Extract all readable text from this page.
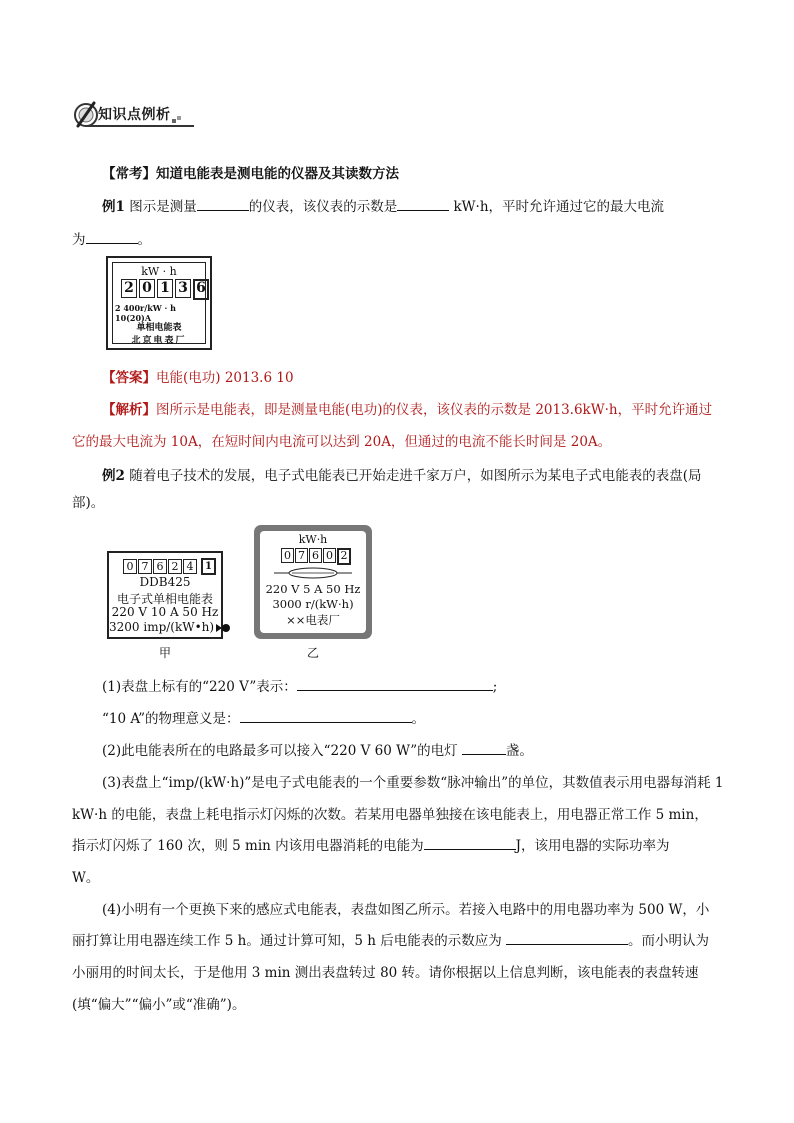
知识点例析
【常考】知道电能表是测电能的仪器及其读数方法
例1 图示是测量	的仪表，该仪表的示数是	kW·h，平时允许通过它的最大电流
为	。
kW · h
2 0 1 3 6
2 400r/kW · h 10(20)A
单相电能表
北京电表厂
【答案】电能(电功) 2013.6 10
【解析】图所示是电能表，即是测量电能(电功)的仪表，该仪表的示数是 2013.6kW·h，平时允许通过
它的最大电流为 10A，在短时间内电流可以达到 20A，但通过的电流不能长时间是 20A。
例2 随着电子技术的发展，电子式电能表已开始走进千家万户，如图所示为某电子式电能表的表盘(局
部)。
0 7 6 2 4	1
DDB425
电子式单相电能表
220 V 10 A 50 Hz
3200 imp/(kW•h)
甲
kW·h
0 7 6 0 2
220 V 5 A 50 Hz
3000 r/(kW·h)
××电表厂
乙
(1)表盘上标有的“220 V”表示：	;
“10 A”的物理意义是：	。
(2)此电能表所在的电路最多可以接入“220 V 60 W”的电灯	盏。
(3)表盘上“imp/(kW·h)”是电子式电能表的一个重要参数“脉冲输出”的单位，其数值表示用电器每消耗 1
kW·h 的电能，表盘上耗电指示灯闪烁的次数。若某用电器单独接在该电能表上，用电器正常工作 5 min，
指示灯闪烁了 160 次，则 5 min 内该用电器消耗的电能为	J，该用电器的实际功率为
W。
(4)小明有一个更换下来的感应式电能表，表盘如图乙所示。若接入电路中的用电器功率为 500 W，小
丽打算让用电器连续工作 5 h。通过计算可知，5 h 后电能表的示数应为	。而小明认为
小丽用的时间太长，于是他用 3 min 测出表盘转过 80 转。请你根据以上信息判断，该电能表的表盘转速
(填“偏大”“偏小”或“准确”)。
